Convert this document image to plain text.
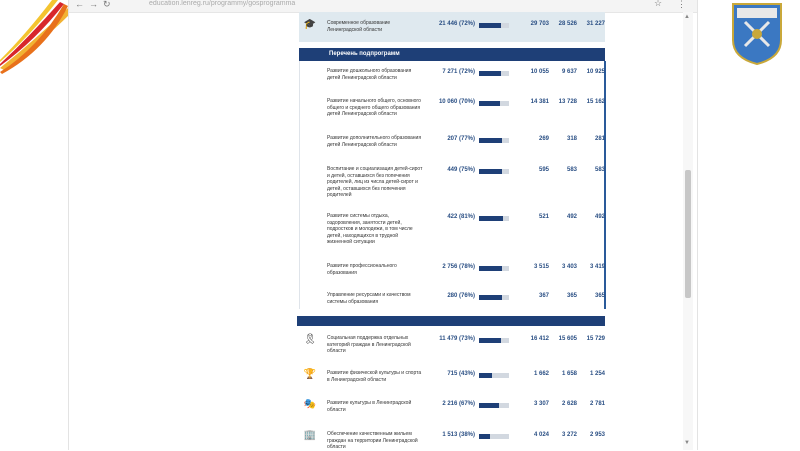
← → ↻	education.lenreg.ru/programmy/gosprogramma	☆ ⋮
▲
▼
Перечень подпрограмм
🎓 Современное образование Ленинградской области
21 446 (72%)	29 703	28 526	31 227
Развитие дошкольного образования детей Ленинградской области
7 271 (72%)	10 055	9 637	10 925
Развитие начального общего, основного общего и среднего общего образования детей Ленинградской области
10 060 (70%)	14 381	13 728	15 162
Развитие дополнительного образования детей Ленинградской области
207 (77%)	269	318	281
Воспитание и социализация детей-сирот и детей, оставшихся без попечения родителей, лиц из числа детей-сирот и детей, оставшихся без попечения родителей
449 (75%)	595	583	583
Развитие системы отдыха, оздоровления, занятости детей, подростков и молодежи, в том числе детей, находящихся в трудной жизненной ситуации
422 (81%)	521	492	492
Развитие профессионального образования
2 756 (78%)	3 515	3 403	3 419
Управление ресурсами и качеством системы образования
280 (76%)	367	365	365
🎗 Социальная поддержка отдельных категорий граждан в Ленинградской области
11 479 (73%)	16 412	15 605	15 729
🏆 Развитие физической культуры и спорта в Ленинградской области
715 (43%)	1 662	1 658	1 254
🎭 Развитие культуры в Ленинградской области
2 216 (67%)	3 307	2 628	2 781
🏢 Обеспечение качественным жильем граждан на территории Ленинградской области
1 513 (38%)	4 024	3 272	2 953
